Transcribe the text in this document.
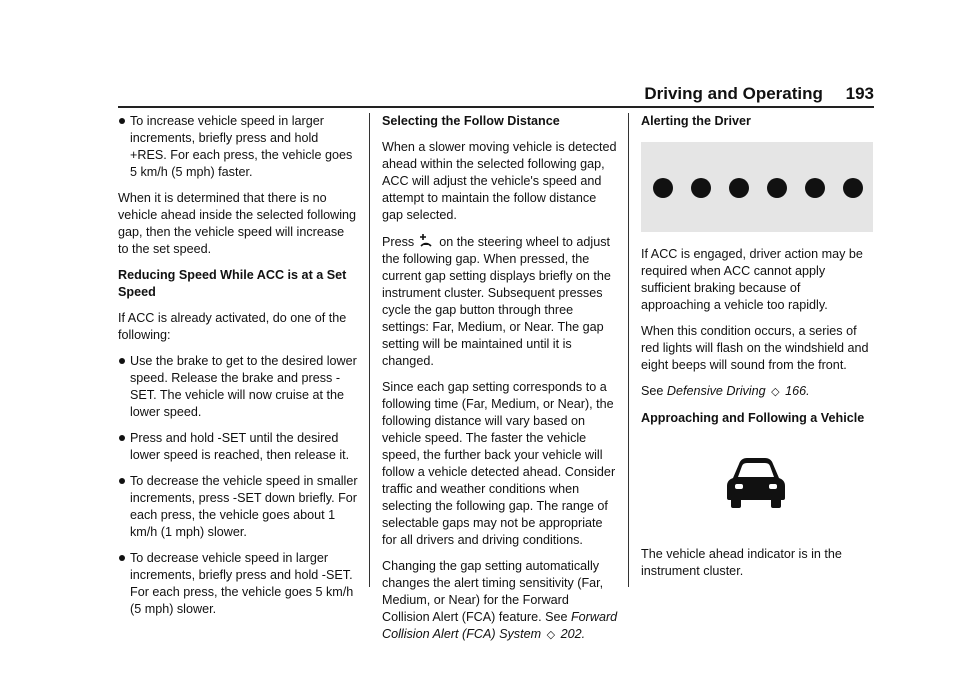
Driving and Operating 193
To increase vehicle speed in larger increments, briefly press and hold +RES. For each press, the vehicle goes 5 km/h (5 mph) faster.

When it is determined that there is no vehicle ahead inside the selected following gap, then the vehicle speed will increase to the set speed.

Reducing Speed While ACC is at a Set Speed

If ACC is already activated, do one of the following:

Use the brake to get to the desired lower speed. Release the brake and press -SET. The vehicle will now cruise at the lower speed.
Press and hold -SET until the desired lower speed is reached, then release it.
To decrease the vehicle speed in smaller increments, press -SET down briefly. For each press, the vehicle goes about 1 km/h (1 mph) slower.
To decrease vehicle speed in larger increments, briefly press and hold -SET. For each press, the vehicle goes 5 km/h (5 mph) slower.

Selecting the Follow Distance

When a slower moving vehicle is detected ahead within the selected following gap, ACC will adjust the vehicle's speed and attempt to maintain the follow distance gap selected.

Press on the steering wheel to adjust the following gap. When pressed, the current gap setting displays briefly on the instrument cluster. Subsequent presses cycle the gap button through three settings: Far, Medium, or Near. The gap setting will be maintained until it is changed.

Since each gap setting corresponds to a following time (Far, Medium, or Near), the following distance will vary based on vehicle speed. The faster the vehicle speed, the further back your vehicle will follow a vehicle detected ahead. Consider traffic and weather conditions when selecting the following gap. The range of selectable gaps may not be appropriate for all drivers and driving conditions.

Changing the gap setting automatically changes the alert timing sensitivity (Far, Medium, or Near) for the Forward Collision Alert (FCA) feature. See Forward Collision Alert (FCA) System ◇ 202.

Alerting the Driver

If ACC is engaged, driver action may be required when ACC cannot apply sufficient braking because of approaching a vehicle too rapidly.

When this condition occurs, a series of red lights will flash on the windshield and eight beeps will sound from the front.

See Defensive Driving ◇ 166.

Approaching and Following a Vehicle

The vehicle ahead indicator is in the instrument cluster.
